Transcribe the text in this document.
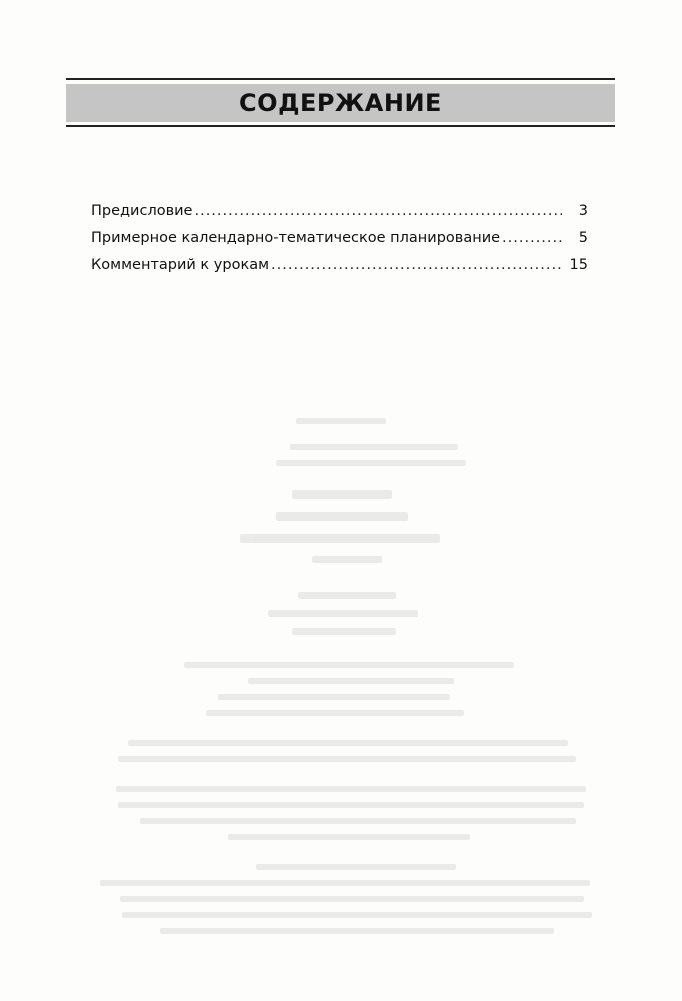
СОДЕРЖАНИЕ
Предисловие .....	3
Примерное календарно-тематическое планирование .....	5
Комментарий к урокам .....	15
